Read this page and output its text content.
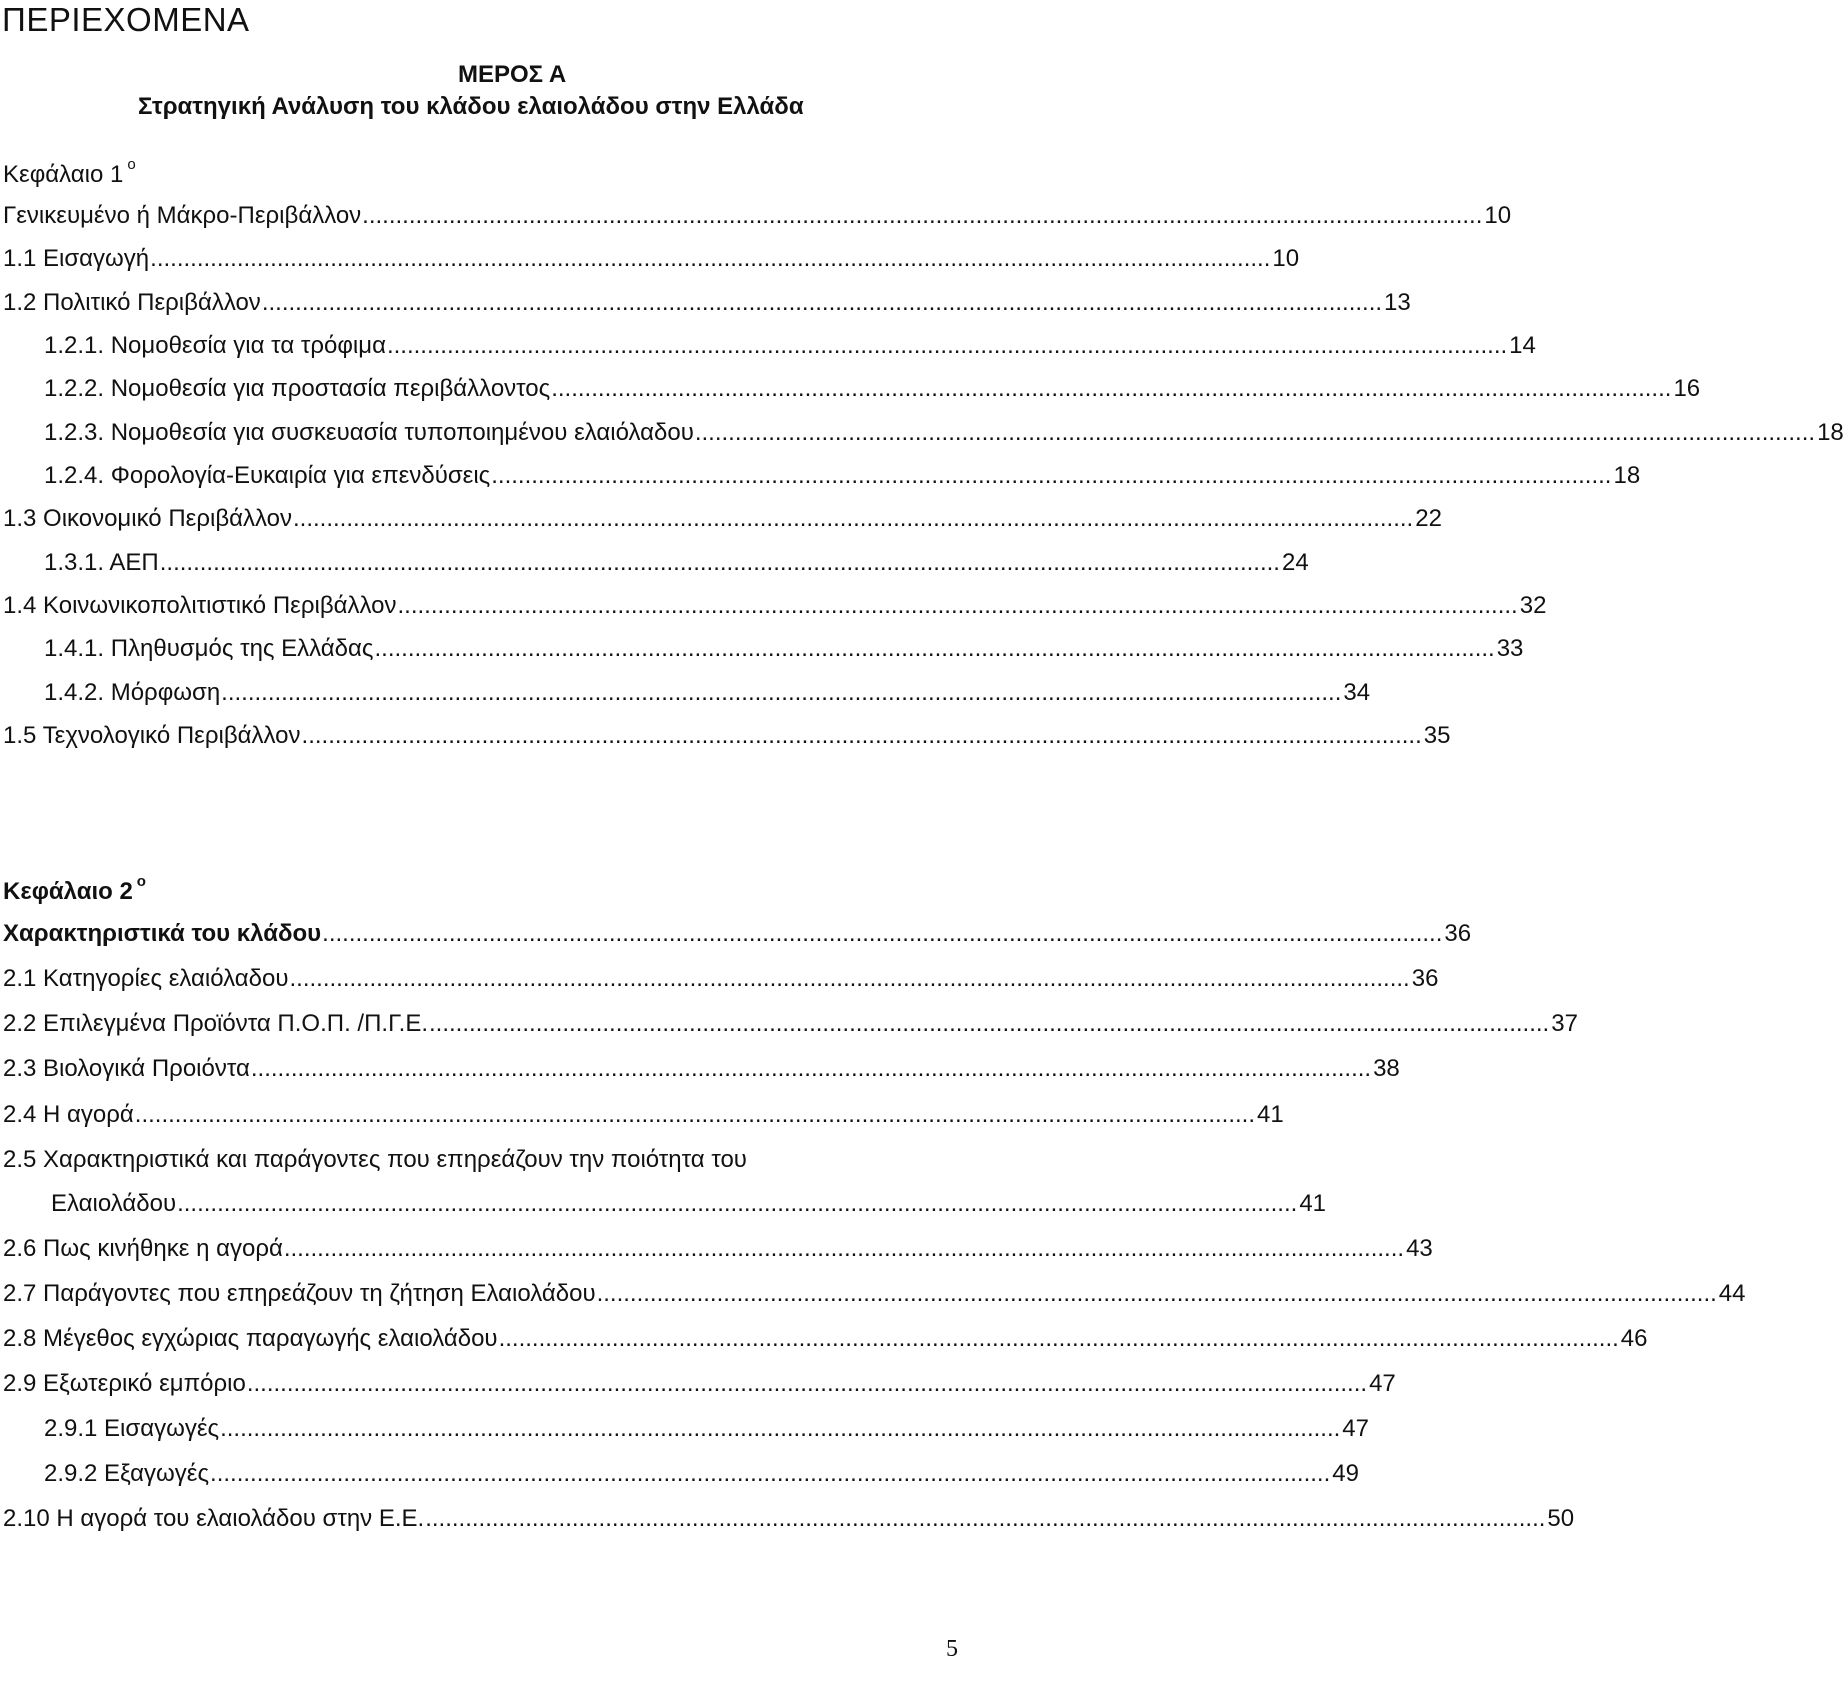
ΠΕΡΙΕΧΟΜΕΝΑ
ΜΕΡΟΣ Α
Στρατηγική Ανάλυση του κλάδου ελαιολάδου στην Ελλάδα
Κεφάλαιο 1 $^o$
Γενικευμένο ή Μάκρο-Περιβάλλον ........................................................................................................................................................................ 10
1.1 Εισαγωγή ........................................................................................................................................................................ 10
1.2 Πολιτικό Περιβάλλον ........................................................................................................................................................................ 13
1.2.1. Νομοθεσία για τα τρόφιμα ........................................................................................................................................................................ 14
1.2.2. Νομοθεσία για προστασία περιβάλλοντος ........................................................................................................................................................................ 16
1.2.3. Νομοθεσία για συσκευασία τυποποιημένου ελαιόλαδου ........................................................................................................................................................................ 18
1.2.4. Φορολογία-Ευκαιρία για επενδύσεις ........................................................................................................................................................................ 18
1.3 Οικονομικό Περιβάλλον ........................................................................................................................................................................ 22
1.3.1. ΑΕΠ ........................................................................................................................................................................ 24
1.4 Κοινωνικοπολιτιστικό Περιβάλλον ........................................................................................................................................................................ 32
1.4.1. Πληθυσμός της Ελλάδας ........................................................................................................................................................................ 33
1.4.2. Μόρφωση ........................................................................................................................................................................ 34
1.5 Τεχνολογικό Περιβάλλον ........................................................................................................................................................................ 35
Κεφάλαιο 2 $^o$
Χαρακτηριστικά του κλάδου ........................................................................................................................................................................ 36
2.1 Κατηγορίες ελαιόλαδου ........................................................................................................................................................................ 36
2.2 Επιλεγμένα Προϊόντα Π.Ο.Π. /Π.Γ.Ε. ........................................................................................................................................................................ 37
2.3 Βιολογικά Προιόντα ........................................................................................................................................................................ 38
2.4 Η αγορά ........................................................................................................................................................................ 41
2.5 Χαρακτηριστικά και παράγοντες που επηρεάζουν την ποιότητα του
Ελαιολάδου ........................................................................................................................................................................ 41
2.6 Πως κινήθηκε η αγορά ........................................................................................................................................................................ 43
2.7 Παράγοντες που επηρεάζουν τη ζήτηση Ελαιολάδου ........................................................................................................................................................................ 44
2.8 Μέγεθος εγχώριας παραγωγής ελαιολάδου ........................................................................................................................................................................ 46
2.9 Εξωτερικό εμπόριο ........................................................................................................................................................................ 47
2.9.1 Εισαγωγές ........................................................................................................................................................................ 47
2.9.2 Εξαγωγές ........................................................................................................................................................................ 49
2.10 Η αγορά του ελαιολάδου στην Ε.Ε. ........................................................................................................................................................................ 50
5
